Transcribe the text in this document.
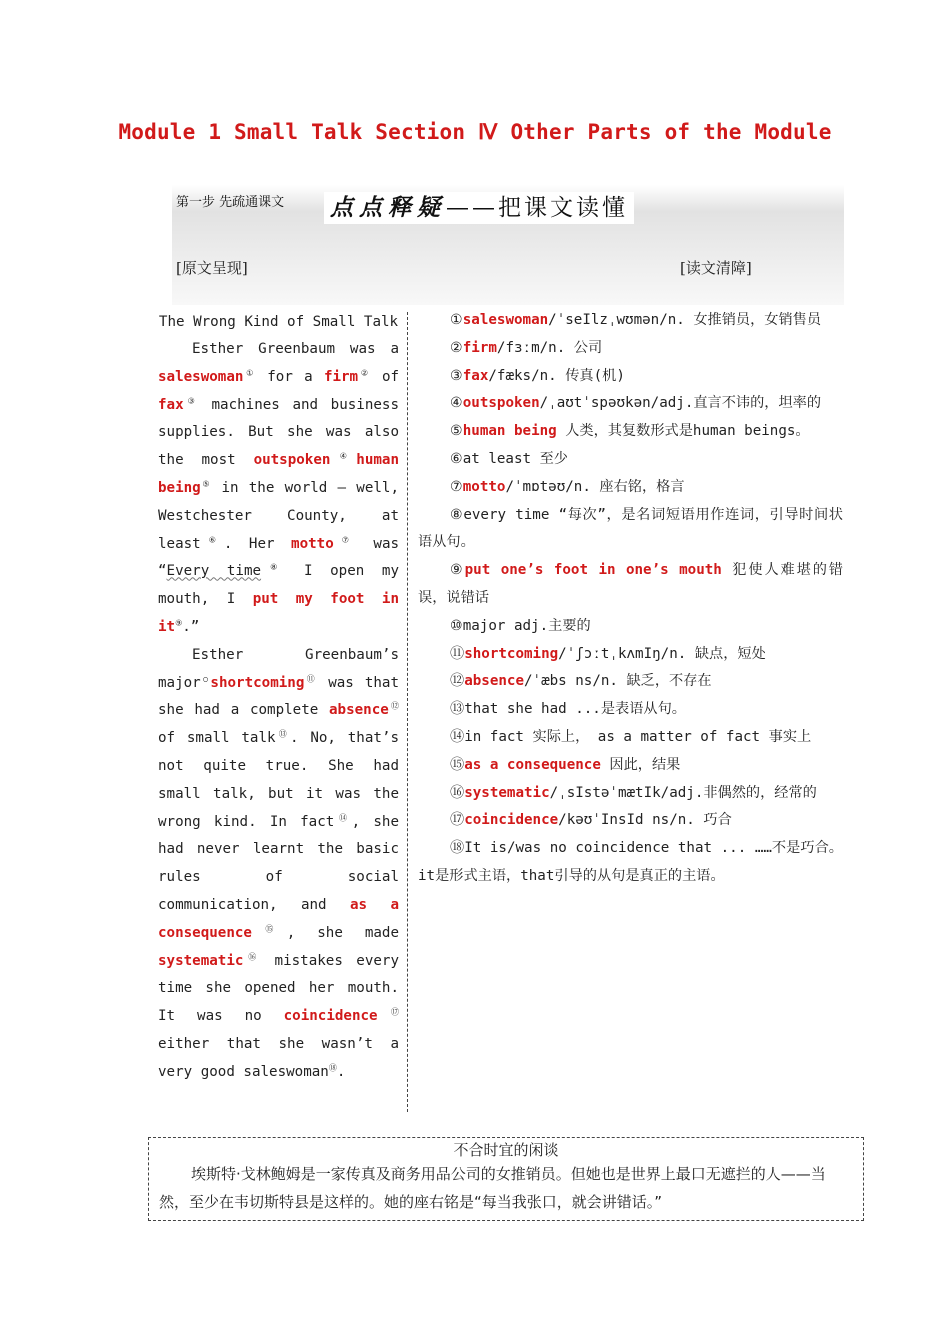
Module 1 Small Talk Section Ⅳ Other Parts of the Module
第一步 先疏通课文 点点释疑——把课文读懂
[原文呈现]	[读文清障]
The Wrong Kind of Small Talk

Esther Greenbaum was a saleswoman① for a firm② of fax③ machines and business supplies. But she was also the most outspoken④human being⑤ in the world — well, Westchester County, at least⑥. Her motto⑦ was “Every time⑧ I open my mouth, I put my foot in it⑨.”

Esther Greenbaum’s major○shortcoming⑪ was that she had a complete absence⑫ of small talk⑬. No, that’s not quite true. She had small talk, but it was the wrong kind. In fact⑭, she had never learnt the basic rules of social communication, and as a consequence⑮, she made systematic⑯ mistakes every time she opened her mouth. It was no coincidence⑰ either that she wasn’t a very good saleswoman⑱.

①saleswoman/ˈseIlzˌwʊmən/n. 女推销员，女销售员
②firm/fɜːm/n. 公司
③fax/fæks/n. 传真(机)
④outspoken/ˌaʊtˈspəʊkən/adj.直言不讳的，坦率的
⑤human being 人类，其复数形式是human beings。
⑥at least 至少
⑦motto/ˈmɒtəʊ/n. 座右铭，格言
⑧every time “每次”，是名词短语用作连词，引导时间状语从句。
⑨put one’s foot in one’s mouth 犯使人难堪的错误，说错话
⑩major adj.主要的
⑪shortcoming/ˈʃɔːtˌkʌmIŋ/n. 缺点，短处
⑫absence/ˈæbs ns/n. 缺乏，不存在
⑬that she had ...是表语从句。
⑭in fact 实际上， as a matter of fact 事实上
⑮as a consequence 因此，结果
⑯systematic/ˌsIstəˈmætIk/adj.非偶然的，经常的
⑰coincidence/kəʊˈInsId ns/n. 巧合
⑱It is/was no coincidence that ... ……不是巧合。it是形式主语，that引导的从句是真正的主语。
不合时宜的闲谈
埃斯特·戈林鲍姆是一家传真及商务用品公司的女推销员。但她也是世界上最口无遮拦的人——当然，至少在韦切斯特县是这样的。她的座右铭是“每当我张口，就会讲错话。”
